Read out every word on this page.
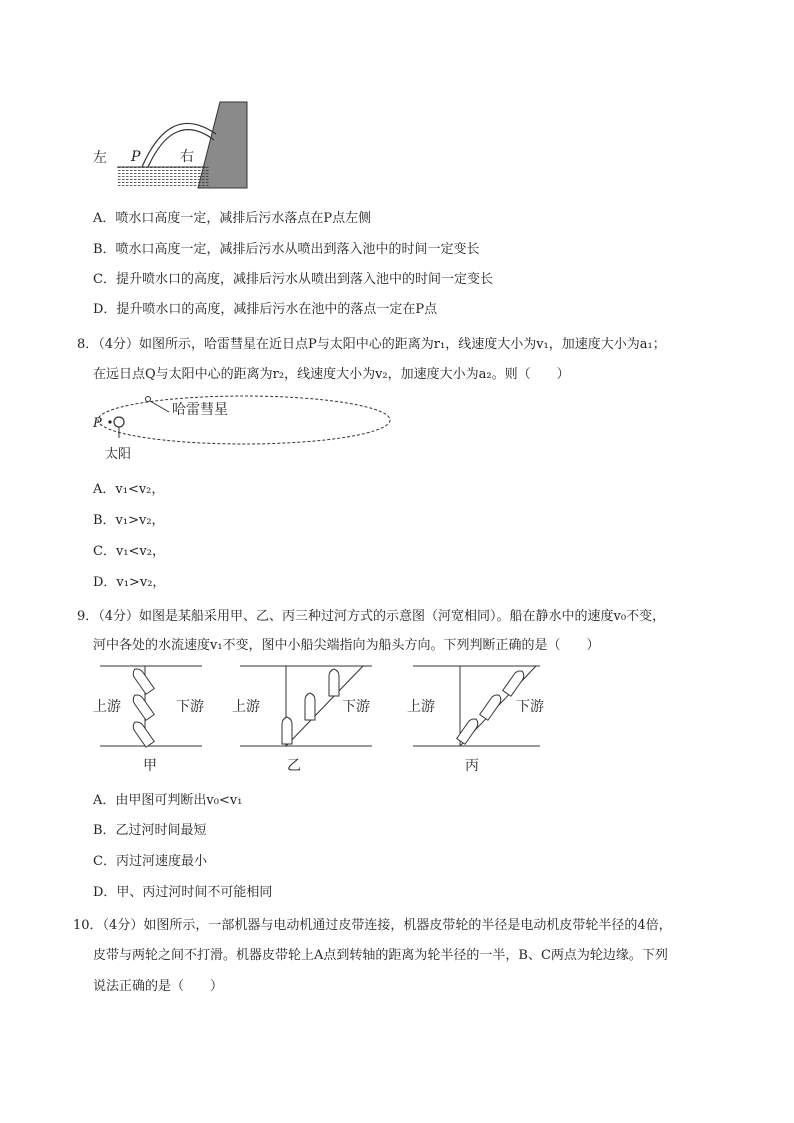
左 P	右
A．喷水口高度一定，减排后污水落点在P点左侧
B．喷水口高度一定，减排后污水从喷出到落入池中的时间一定变长
C．提升喷水口的高度，减排后污水从喷出到落入池中的时间一定变长
D．提升喷水口的高度，减排后污水在池中的落点一定在P点
8．（4分）如图所示，哈雷彗星在近日点P与太阳中心的距离为r₁，线速度大小为v₁，加速度大小为a₁；
在远日点Q与太阳中心的距离为r₂，线速度大小为v₂，加速度大小为a₂。则（　　）
哈雷彗星
P
太阳
A．v₁<v₂，
B．v₁>v₂，
C．v₁<v₂，
D．v₁>v₂，
9．（4分）如图是某船采用甲、乙、丙三种过河方式的示意图（河宽相同）。船在静水中的速度v₀不变，
河中各处的水流速度v₁不变，图中小船尖端指向为船头方向。下列判断正确的是（　　）
上游	下游
甲
上游	下游
乙
上游	下游
丙
A．由甲图可判断出v₀<v₁
B．乙过河时间最短
C．丙过河速度最小
D．甲、丙过河时间不可能相同
10．（4分）如图所示，一部机器与电动机通过皮带连接，机器皮带轮的半径是电动机皮带轮半径的4倍，
皮带与两轮之间不打滑。机器皮带轮上A点到转轴的距离为轮半径的一半，B、C两点为轮边缘。下列
说法正确的是（　　）
